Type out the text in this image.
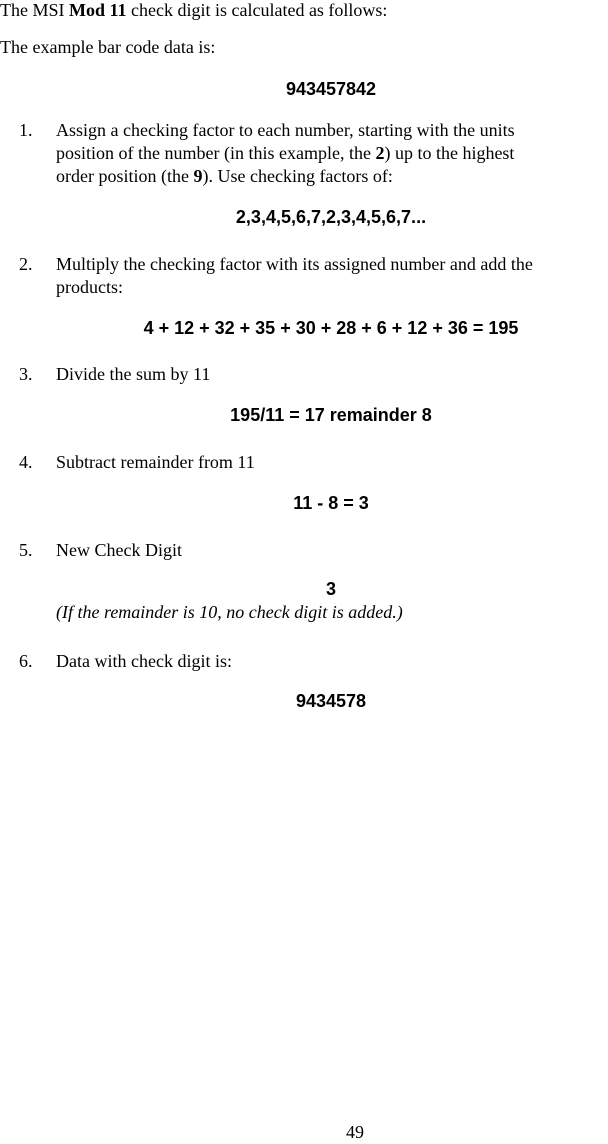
The MSI Mod 11 check digit is calculated as follows:
The example bar code data is:
943457842
1.	Assign a checking factor to each number, starting with the units
position of the number (in this example, the 2) up to the highest
order position (the 9). Use checking factors of:
2,3,4,5,6,7,2,3,4,5,6,7...
2.	Multiply the checking factor with its assigned number and add the
products:
4 + 12 + 32 + 35 + 30 + 28 + 6 + 12 + 36 = 195
3.	Divide the sum by 11
195/11 = 17 remainder 8
4.	Subtract remainder from 11
11 - 8 = 3
5.	New Check Digit
3
(If the remainder is 10, no check digit is added.)
6.	Data with check digit is:
9434578
49
